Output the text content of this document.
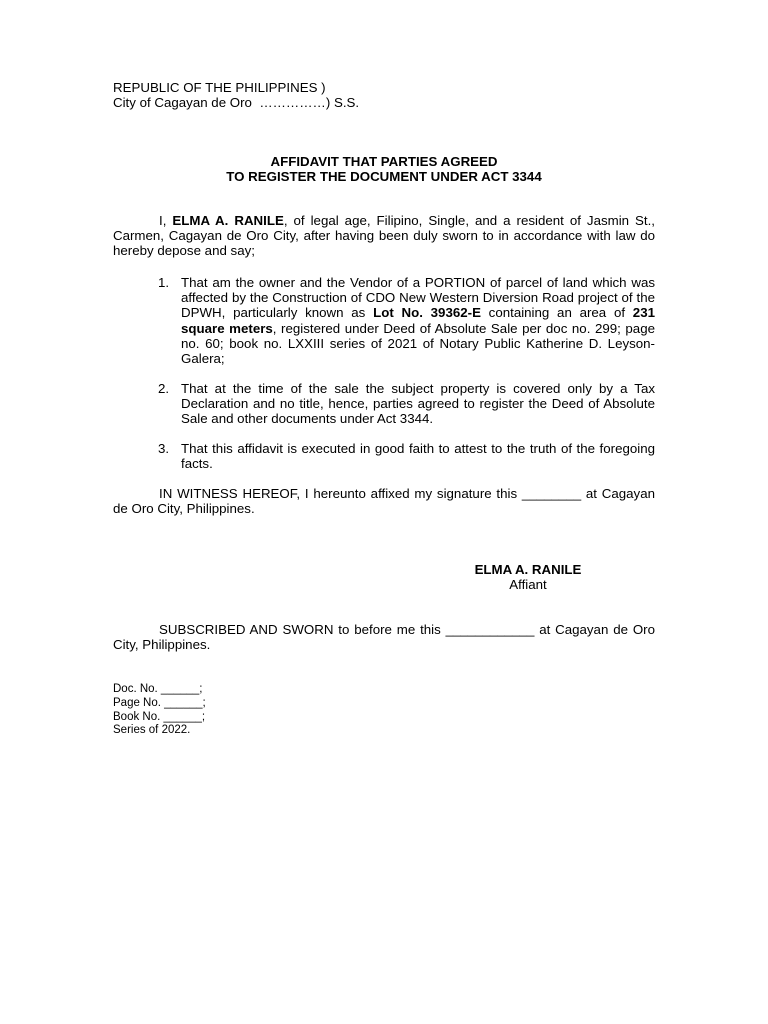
REPUBLIC OF THE PHILIPPINES )
City of Cagayan de Oro  ……………) S.S.
AFFIDAVIT THAT PARTIES AGREED
TO REGISTER THE DOCUMENT UNDER ACT 3344
I, ELMA A. RANILE, of legal age, Filipino, Single, and a resident of Jasmin St., Carmen, Cagayan de Oro City, after having been duly sworn to in accordance with law do hereby depose and say;
1. That am the owner and the Vendor of a PORTION of parcel of land which was affected by the Construction of CDO New Western Diversion Road project of the DPWH, particularly known as Lot No. 39362-E containing an area of 231 square meters, registered under Deed of Absolute Sale per doc no. 299; page no. 60; book no. LXXIII series of 2021 of Notary Public Katherine D. Leyson-Galera;
2. That at the time of the sale the subject property is covered only by a Tax Declaration and no title, hence, parties agreed to register the Deed of Absolute Sale and other documents under Act 3344.
3. That this affidavit is executed in good faith to attest to the truth of the foregoing facts.
IN WITNESS HEREOF, I hereunto affixed my signature this ________ at Cagayan de Oro City, Philippines.
ELMA A. RANILE
Affiant
SUBSCRIBED AND SWORN to before me this ____________ at Cagayan de Oro City, Philippines.
Doc. No. ______;
Page No. ______;
Book No. ______;
Series of 2022.
